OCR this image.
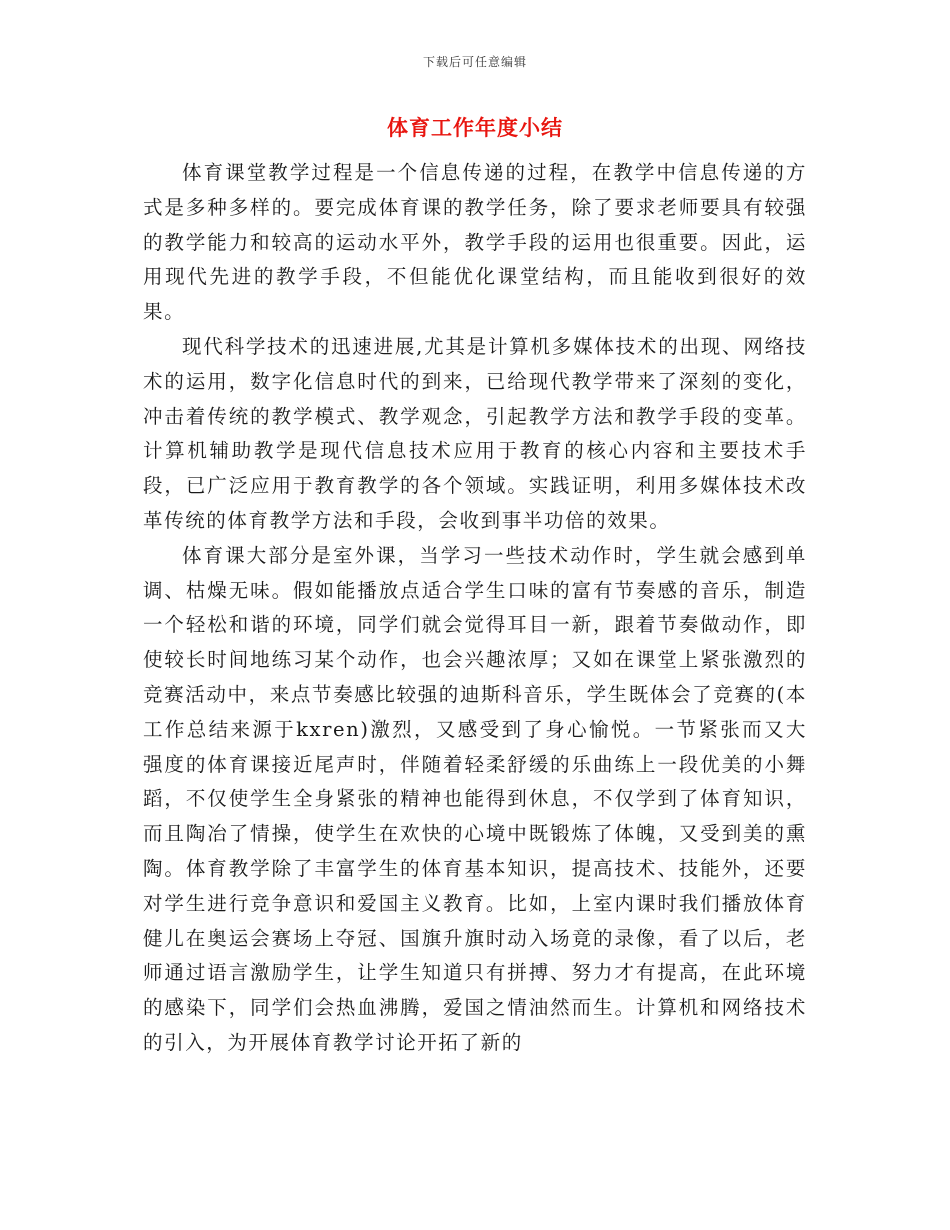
下载后可任意编辑
体育工作年度小结

体育课堂教学过程是一个信息传递的过程，在教学中信息传递的方式是多种多样的。要完成体育课的教学任务，除了要求老师要具有较强的教学能力和较高的运动水平外，教学手段的运用也很重要。因此，运用现代先进的教学手段，不但能优化课堂结构，而且能收到很好的效果。

现代科学技术的迅速进展,尤其是计算机多媒体技术的出现、网络技术的运用，数字化信息时代的到来，已给现代教学带来了深刻的变化，冲击着传统的教学模式、教学观念，引起教学方法和教学手段的变革。计算机辅助教学是现代信息技术应用于教育的核心内容和主要技术手段，已广泛应用于教育教学的各个领域。实践证明，利用多媒体技术改革传统的体育教学方法和手段，会收到事半功倍的效果。

体育课大部分是室外课，当学习一些技术动作时，学生就会感到单调、枯燥无味。假如能播放点适合学生口味的富有节奏感的音乐，制造一个轻松和谐的环境，同学们就会觉得耳目一新，跟着节奏做动作，即使较长时间地练习某个动作，也会兴趣浓厚；又如在课堂上紧张激烈的竞赛活动中，来点节奏感比较强的迪斯科音乐，学生既体会了竞赛的(本工作总结来源于kxren)激烈，又感受到了身心愉悦。一节紧张而又大强度的体育课接近尾声时，伴随着轻柔舒缓的乐曲练上一段优美的小舞蹈，不仅使学生全身紧张的精神也能得到休息，不仅学到了体育知识，而且陶冶了情操，使学生在欢快的心境中既锻炼了体魄，又受到美的熏陶。体育教学除了丰富学生的体育基本知识，提高技术、技能外，还要对学生进行竞争意识和爱国主义教育。比如，上室内课时我们播放体育健儿在奥运会赛场上夺冠、国旗升旗时动入场竟的录像，看了以后，老师通过语言激励学生，让学生知道只有拼搏、努力才有提高，在此环境的感染下，同学们会热血沸腾，爱国之情油然而生。计算机和网络技术的引入，为开展体育教学讨论开拓了新的
